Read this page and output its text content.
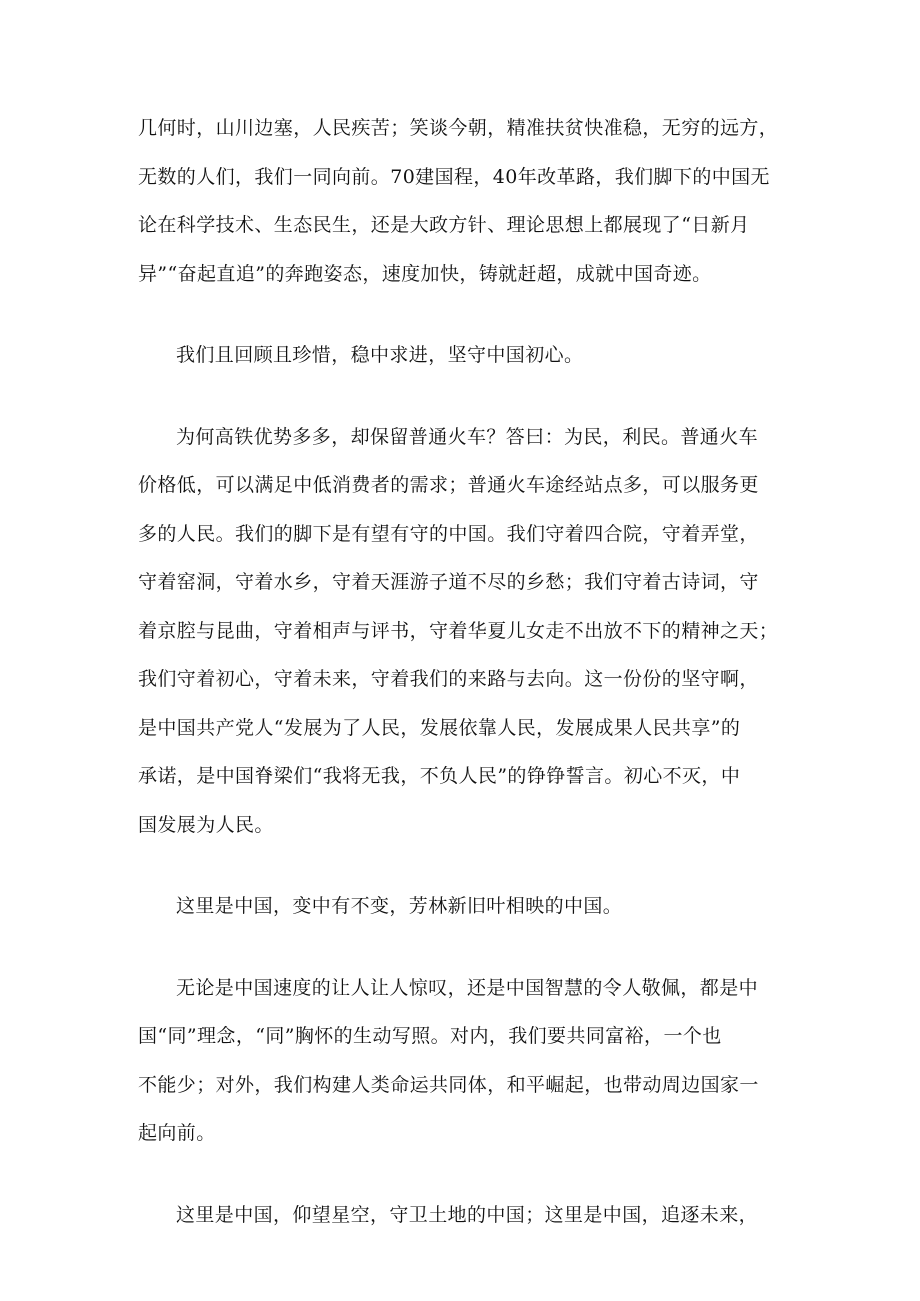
几何时，山川边塞，人民疾苦；笑谈今朝，精准扶贫快准稳，无穷的远方，
无数的人们，我们一同向前。70建国程，40年改革路，我们脚下的中国无
论在科学技术、生态民生，还是大政方针、理论思想上都展现了“日新月
异”“奋起直追”的奔跑姿态，速度加快，铸就赶超，成就中国奇迹。
我们且回顾且珍惜，稳中求进，坚守中国初心。
为何高铁优势多多，却保留普通火车？答曰：为民，利民。普通火车
价格低，可以满足中低消费者的需求；普通火车途经站点多，可以服务更
多的人民。我们的脚下是有望有守的中国。我们守着四合院，守着弄堂，
守着窑洞，守着水乡，守着天涯游子道不尽的乡愁；我们守着古诗词，守
着京腔与昆曲，守着相声与评书，守着华夏儿女走不出放不下的精神之天；
我们守着初心，守着未来，守着我们的来路与去向。这一份份的坚守啊，
是中国共产党人“发展为了人民，发展依靠人民，发展成果人民共享”的
承诺，是中国脊梁们“我将无我，不负人民”的铮铮誓言。初心不灭，中
国发展为人民。
这里是中国，变中有不变，芳林新旧叶相映的中国。
无论是中国速度的让人让人惊叹，还是中国智慧的令人敬佩，都是中
国“同”理念，“同”胸怀的生动写照。对内，我们要共同富裕，一个也
不能少；对外，我们构建人类命运共同体，和平崛起，也带动周边国家一
起向前。
这里是中国，仰望星空，守卫土地的中国；这里是中国，追逐未来，
